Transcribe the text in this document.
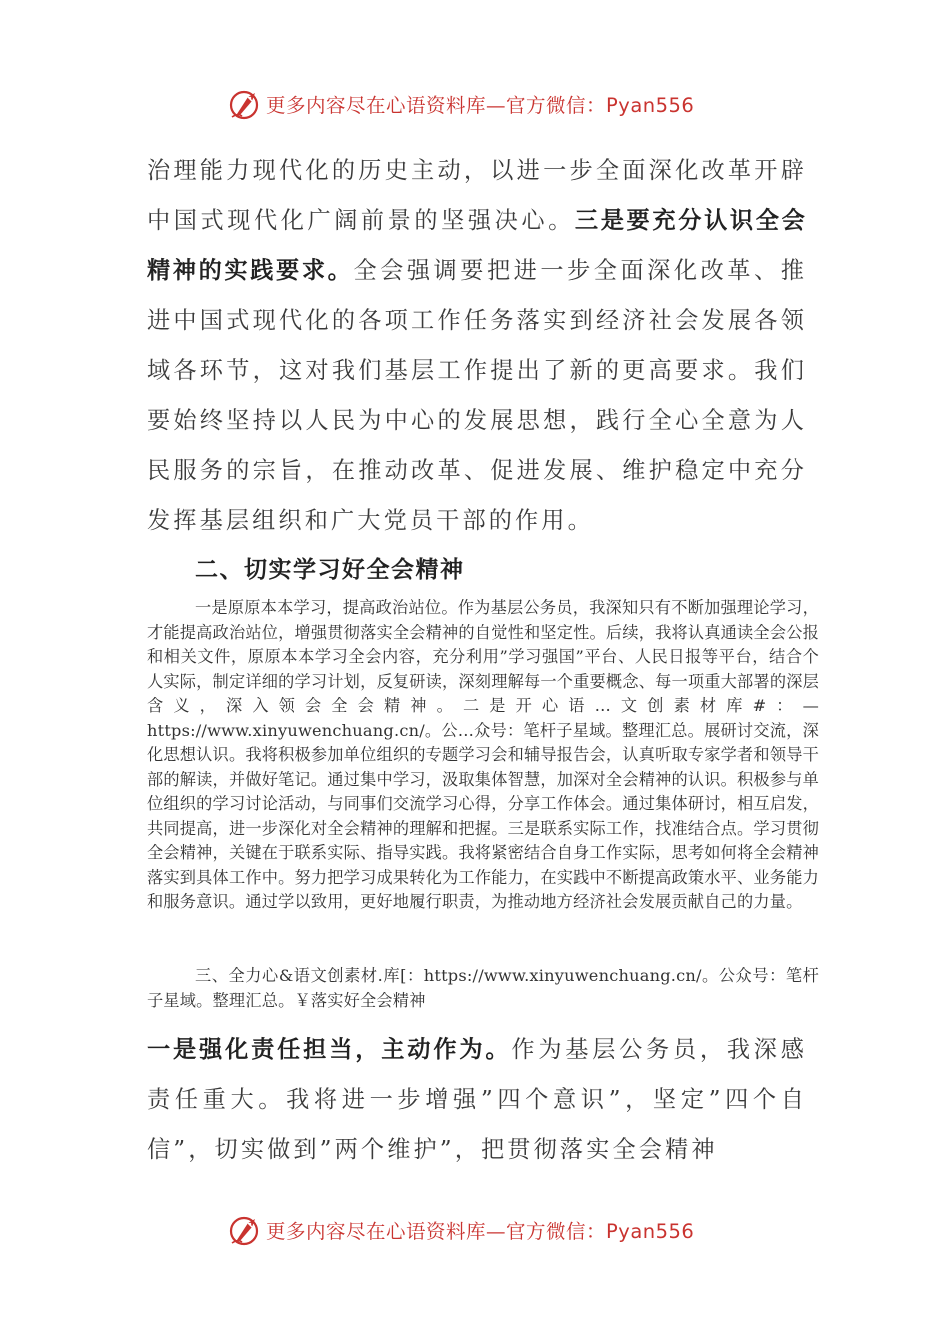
更多内容尽在心语资料库—官方微信：Pyan556

治理能力现代化的历史主动，以进一步全面深化改革开辟中国式现代化广阔前景的坚强决心。三是要充分认识全会精神的实践要求。全会强调要把进一步全面深化改革、推进中国式现代化的各项工作任务落实到经济社会发展各领域各环节，这对我们基层工作提出了新的更高要求。我们要始终坚持以人民为中心的发展思想，践行全心全意为人民服务的宗旨，在推动改革、促进发展、维护稳定中充分发挥基层组织和广大党员干部的作用。

二、切实学习好全会精神

一是原原本本学习，提高政治站位。作为基层公务员，我深知只有不断加强理论学习，才能提高政治站位，增强贯彻落实全会精神的自觉性和坚定性。后续，我将认真通读全会公报和相关文件，原原本本学习全会内容，充分利用”学习强国”平台、人民日报等平台，结合个人实际，制定详细的学习计划，反复研读，深刻理解每一个重要概念、每一项重大部署的深层含义，深入领会全会精神。二是开心语…文创素材库#：—https://www.xinyuwenchuang.cn/。公…众号：笔杆子星域。整理汇总。展研讨交流，深化思想认识。我将积极参加单位组织的专题学习会和辅导报告会，认真听取专家学者和领导干部的解读，并做好笔记。通过集中学习，汲取集体智慧，加深对全会精神的认识。积极参与单位组织的学习讨论活动，与同事们交流学习心得，分享工作体会。通过集体研讨，相互启发，共同提高，进一步深化对全会精神的理解和把握。三是联系实际工作，找准结合点。学习贯彻全会精神，关键在于联系实际、指导实践。我将紧密结合自身工作实际，思考如何将全会精神落实到具体工作中。努力把学习成果转化为工作能力，在实践中不断提高政策水平、业务能力和服务意识。通过学以致用，更好地履行职责，为推动地方经济社会发展贡献自己的力量。

三、全力心&语文创素材.库[：https://www.xinyuwenchuang.cn/。公众号：笔杆子星域。整理汇总。￥落实好全会精神

一是强化责任担当，主动作为。作为基层公务员，我深感责任重大。我将进一步增强”四个意识”，坚定”四个自信”，切实做到”两个维护”，把贯彻落实全会精神

更多内容尽在心语资料库—官方微信：Pyan556
